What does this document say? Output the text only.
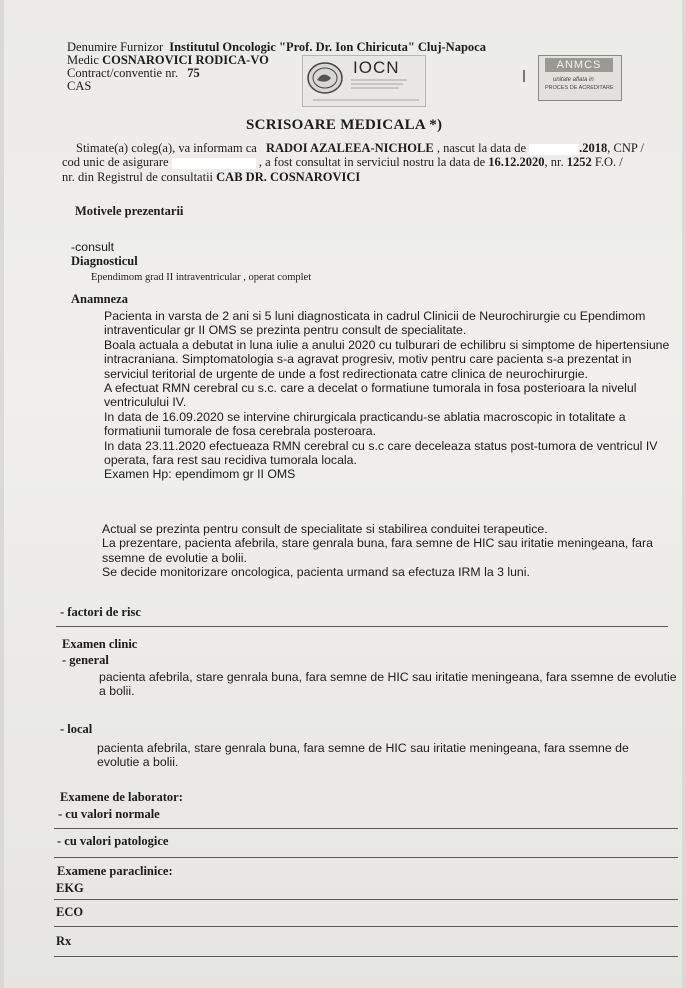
Denumire Furnizor Institutul Oncologic "Prof. Dr. Ion Chiricuta" Cluj-Napoca
Medic COSNAROVICI RODICA-VO
Contract/conventie nr. 75
CAS
IOCN	ANMCS
unitate aflata in
PROCES DE ACREDITARE
SCRISOARE MEDICALA *)
Stimate(a) coleg(a), va informam ca RADOI AZALEEA-NICHOLE , nascut la data de	.2018, CNP /
cod unic de asigurare	, a fost consultat in serviciul nostru la data de 16.12.2020, nr. 1252 F.O. /
nr. din Registrul de consultatii CAB DR. COSNAROVICI
Motivele prezentarii
-consult
Diagnosticul
Ependimom grad II intraventricular , operat complet
Anamneza
Pacienta in varsta de 2 ani si 5 luni diagnosticata in cadrul Clinicii de Neurochirurgie cu Ependimom
intraventicular gr II OMS se prezinta pentru consult de specialitate.
Boala actuala a debutat in luna iulie a anului 2020 cu tulburari de echilibru si simptome de hipertensiune
intracraniana. Simptomatologia s-a agravat progresiv, motiv pentru care pacienta s-a prezentat in
serviciul teritorial de urgente de unde a fost redirectionata catre clinica de neurochirurgie.
A efectuat RMN cerebral cu s.c. care a decelat o formatiune tumorala in fosa posterioara la nivelul
ventriculului IV.
In data de 16.09.2020 se intervine chirurgicala practicandu-se ablatia macroscopic in totalitate a
formatiunii tumorale de fosa cerebrala posteroara.
In data 23.11.2020 efectueaza RMN cerebral cu s.c care deceleaza status post-tumora de ventricul IV
operata, fara rest sau recidiva tumorala locala.
Examen Hp: ependimom gr II OMS
Actual se prezinta pentru consult de specialitate si stabilirea conduitei terapeutice.
La prezentare, pacienta afebrila, stare genrala buna, fara semne de HIC sau iritatie meningeana, fara
ssemne de evolutie a bolii.
Se decide monitorizare oncologica, pacienta urmand sa efectuza IRM la 3 luni.
- factori de risc
Examen clinic
- general
pacienta afebrila, stare genrala buna, fara semne de HIC sau iritatie meningeana, fara ssemne de evolutie
a bolii.
- local
pacienta afebrila, stare genrala buna, fara semne de HIC sau iritatie meningeana, fara ssemne de
evolutie a bolii.
Examene de laborator:
- cu valori normale
- cu valori patologice
Examene paraclinice:
EKG
ECO
Rx
